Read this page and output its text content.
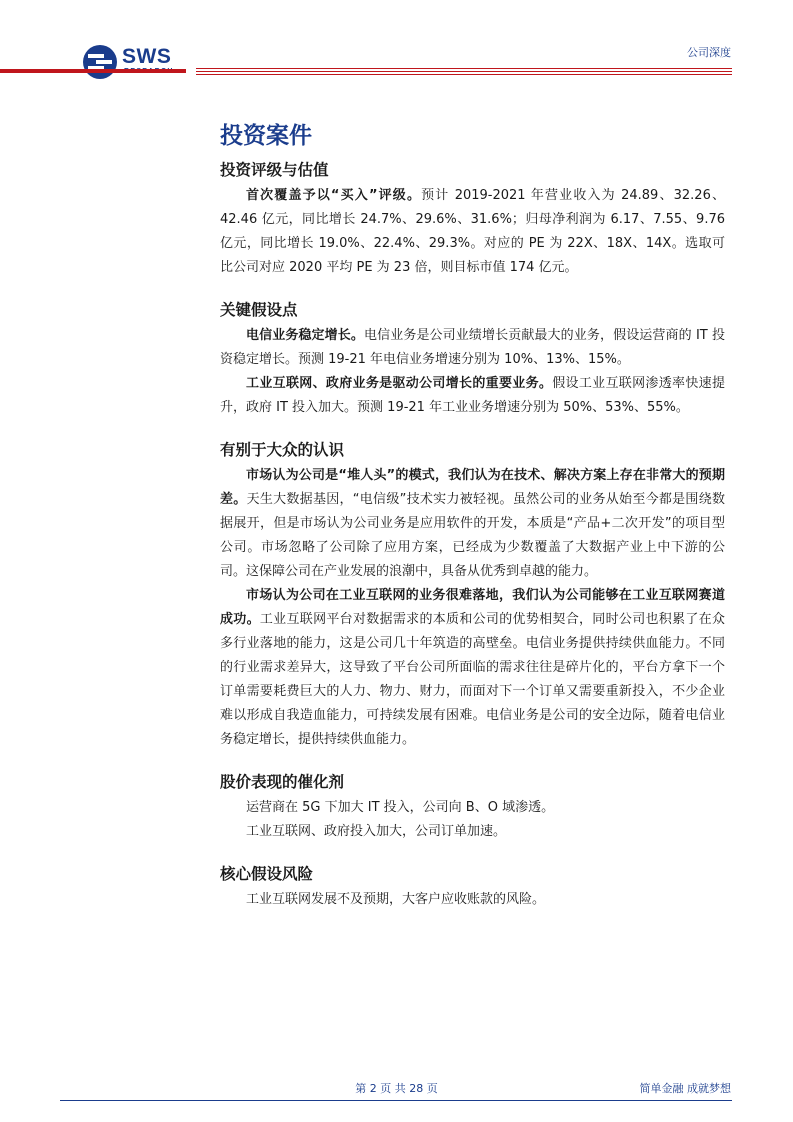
SWS	公司深度
投资案件
投资评级与估值

首次覆盖予以“买入”评级。预计 2019-2021 年营业收入为 24.89、32.26、42.46 亿元，同比增长 24.7%、29.6%、31.6%；归母净利润为 6.17、7.55、9.76 亿元，同比增长 19.0%、22.4%、29.3%。对应的 PE 为 22X、18X、14X。选取可比公司对应 2020 平均 PE 为 23 倍，则目标市值 174 亿元。

关键假设点

电信业务稳定增长。电信业务是公司业绩增长贡献最大的业务，假设运营商的 IT 投资稳定增长。预测 19-21 年电信业务增速分别为 10%、13%、15%。

工业互联网、政府业务是驱动公司增长的重要业务。假设工业互联网渗透率快速提升，政府 IT 投入加大。预测 19-21 年工业业务增速分别为 50%、53%、55%。

有别于大众的认识

市场认为公司是“堆人头”的模式，我们认为在技术、解决方案上存在非常大的预期差。天生大数据基因，“电信级”技术实力被轻视。虽然公司的业务从始至今都是围绕数据展开，但是市场认为公司业务是应用软件的开发，本质是“产品+二次开发”的项目型公司。市场忽略了公司除了应用方案，已经成为少数覆盖了大数据产业上中下游的公司。这保障公司在产业发展的浪潮中，具备从优秀到卓越的能力。

市场认为公司在工业互联网的业务很难落地，我们认为公司能够在工业互联网赛道成功。工业互联网平台对数据需求的本质和公司的优势相契合，同时公司也积累了在众多行业落地的能力，这是公司几十年筑造的高壁垒。电信业务提供持续供血能力。不同的行业需求差异大，这导致了平台公司所面临的需求往往是碎片化的，平台方拿下一个订单需要耗费巨大的人力、物力、财力，而面对下一个订单又需要重新投入，不少企业难以形成自我造血能力，可持续发展有困难。电信业务是公司的安全边际，随着电信业务稳定增长，提供持续供血能力。

股价表现的催化剂

运营商在 5G 下加大 IT 投入，公司向 B、O 域渗透。

工业互联网、政府投入加大，公司订单加速。

核心假设风险

工业互联网发展不及预期，大客户应收账款的风险。

第 2 页 共 28 页	简单金融 成就梦想
